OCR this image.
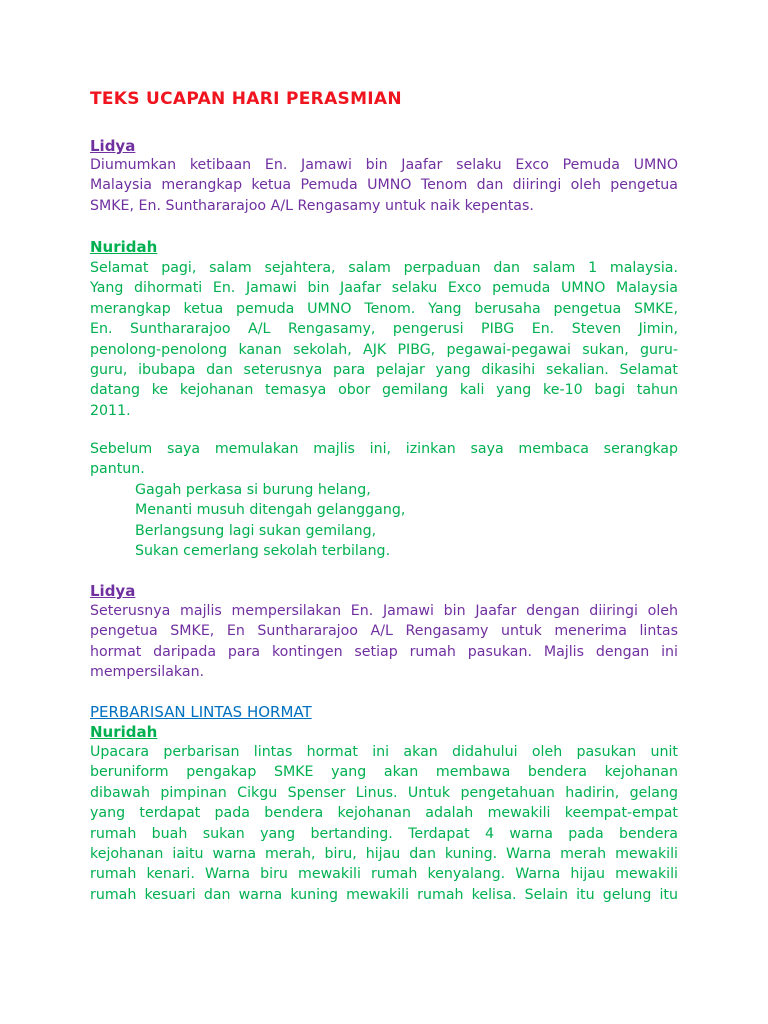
TEKS UCAPAN HARI PERASMIAN
Lidya
Diumumkan ketibaan En. Jamawi bin Jaafar selaku Exco Pemuda UMNO
Malaysia merangkap ketua Pemuda UMNO Tenom dan diiringi oleh pengetua
SMKE, En. Sunthararajoo A/L Rengasamy untuk naik kepentas.
Nuridah
Selamat pagi, salam sejahtera, salam perpaduan dan salam 1 malaysia.
Yang dihormati En. Jamawi bin Jaafar selaku Exco pemuda UMNO Malaysia
merangkap ketua pemuda UMNO Tenom. Yang berusaha pengetua SMKE,
En. Sunthararajoo A/L Rengasamy, pengerusi PIBG En. Steven Jimin,
penolong-penolong kanan sekolah, AJK PIBG, pegawai-pegawai sukan, guru-
guru, ibubapa dan seterusnya para pelajar yang dikasihi sekalian. Selamat
datang ke kejohanan temasya obor gemilang kali yang ke-10 bagi tahun
2011.
Sebelum saya memulakan majlis ini, izinkan saya membaca serangkap
pantun.
Gagah perkasa si burung helang,
Menanti musuh ditengah gelanggang,
Berlangsung lagi sukan gemilang,
Sukan cemerlang sekolah terbilang.
Lidya
Seterusnya majlis mempersilakan En. Jamawi bin Jaafar dengan diiringi oleh
pengetua SMKE, En Sunthararajoo A/L Rengasamy untuk menerima lintas
hormat daripada para kontingen setiap rumah pasukan. Majlis dengan ini
mempersilakan.
PERBARISAN LINTAS HORMAT
Nuridah
Upacara perbarisan lintas hormat ini akan didahului oleh pasukan unit
beruniform pengakap SMKE yang akan membawa bendera kejohanan
dibawah pimpinan Cikgu Spenser Linus. Untuk pengetahuan hadirin, gelang
yang terdapat pada bendera kejohanan adalah mewakili keempat-empat
rumah buah sukan yang bertanding. Terdapat 4 warna pada bendera
kejohanan iaitu warna merah, biru, hijau dan kuning. Warna merah mewakili
rumah kenari. Warna biru mewakili rumah kenyalang. Warna hijau mewakili
rumah kesuari dan warna kuning mewakili rumah kelisa. Selain itu gelung itu
